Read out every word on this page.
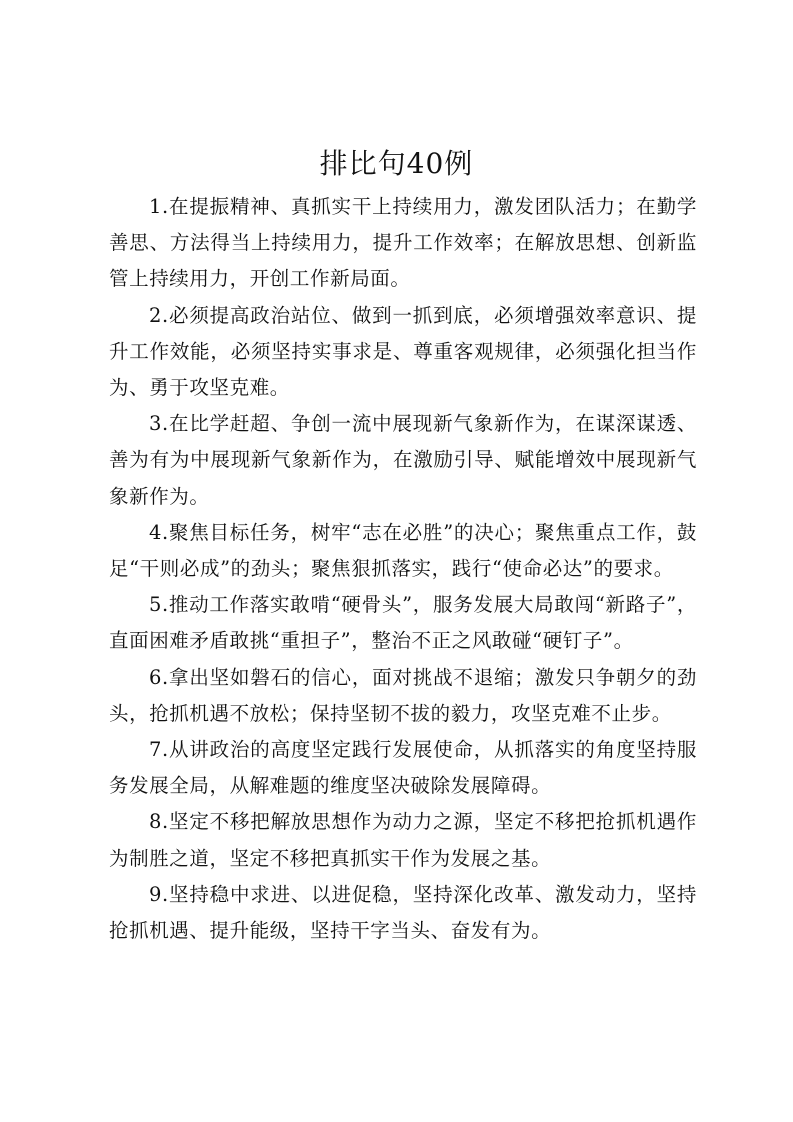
排比句40例

1.在提振精神、真抓实干上持续用力，激发团队活力；在勤学善思、方法得当上持续用力，提升工作效率；在解放思想、创新监管上持续用力，开创工作新局面。

2.必须提高政治站位、做到一抓到底，必须增强效率意识、提升工作效能，必须坚持实事求是、尊重客观规律，必须强化担当作为、勇于攻坚克难。

3.在比学赶超、争创一流中展现新气象新作为，在谋深谋透、善为有为中展现新气象新作为，在激励引导、赋能增效中展现新气象新作为。

4.聚焦目标任务，树牢“志在必胜”的决心；聚焦重点工作，鼓足“干则必成”的劲头；聚焦狠抓落实，践行“使命必达”的要求。

5.推动工作落实敢啃“硬骨头”，服务发展大局敢闯“新路子”，直面困难矛盾敢挑“重担子”，整治不正之风敢碰“硬钉子”。

6.拿出坚如磐石的信心，面对挑战不退缩；激发只争朝夕的劲头，抢抓机遇不放松；保持坚韧不拔的毅力，攻坚克难不止步。

7.从讲政治的高度坚定践行发展使命，从抓落实的角度坚持服务发展全局，从解难题的维度坚决破除发展障碍。

8.坚定不移把解放思想作为动力之源，坚定不移把抢抓机遇作为制胜之道，坚定不移把真抓实干作为发展之基。

9.坚持稳中求进、以进促稳，坚持深化改革、激发动力，坚持抢抓机遇、提升能级，坚持干字当头、奋发有为。
